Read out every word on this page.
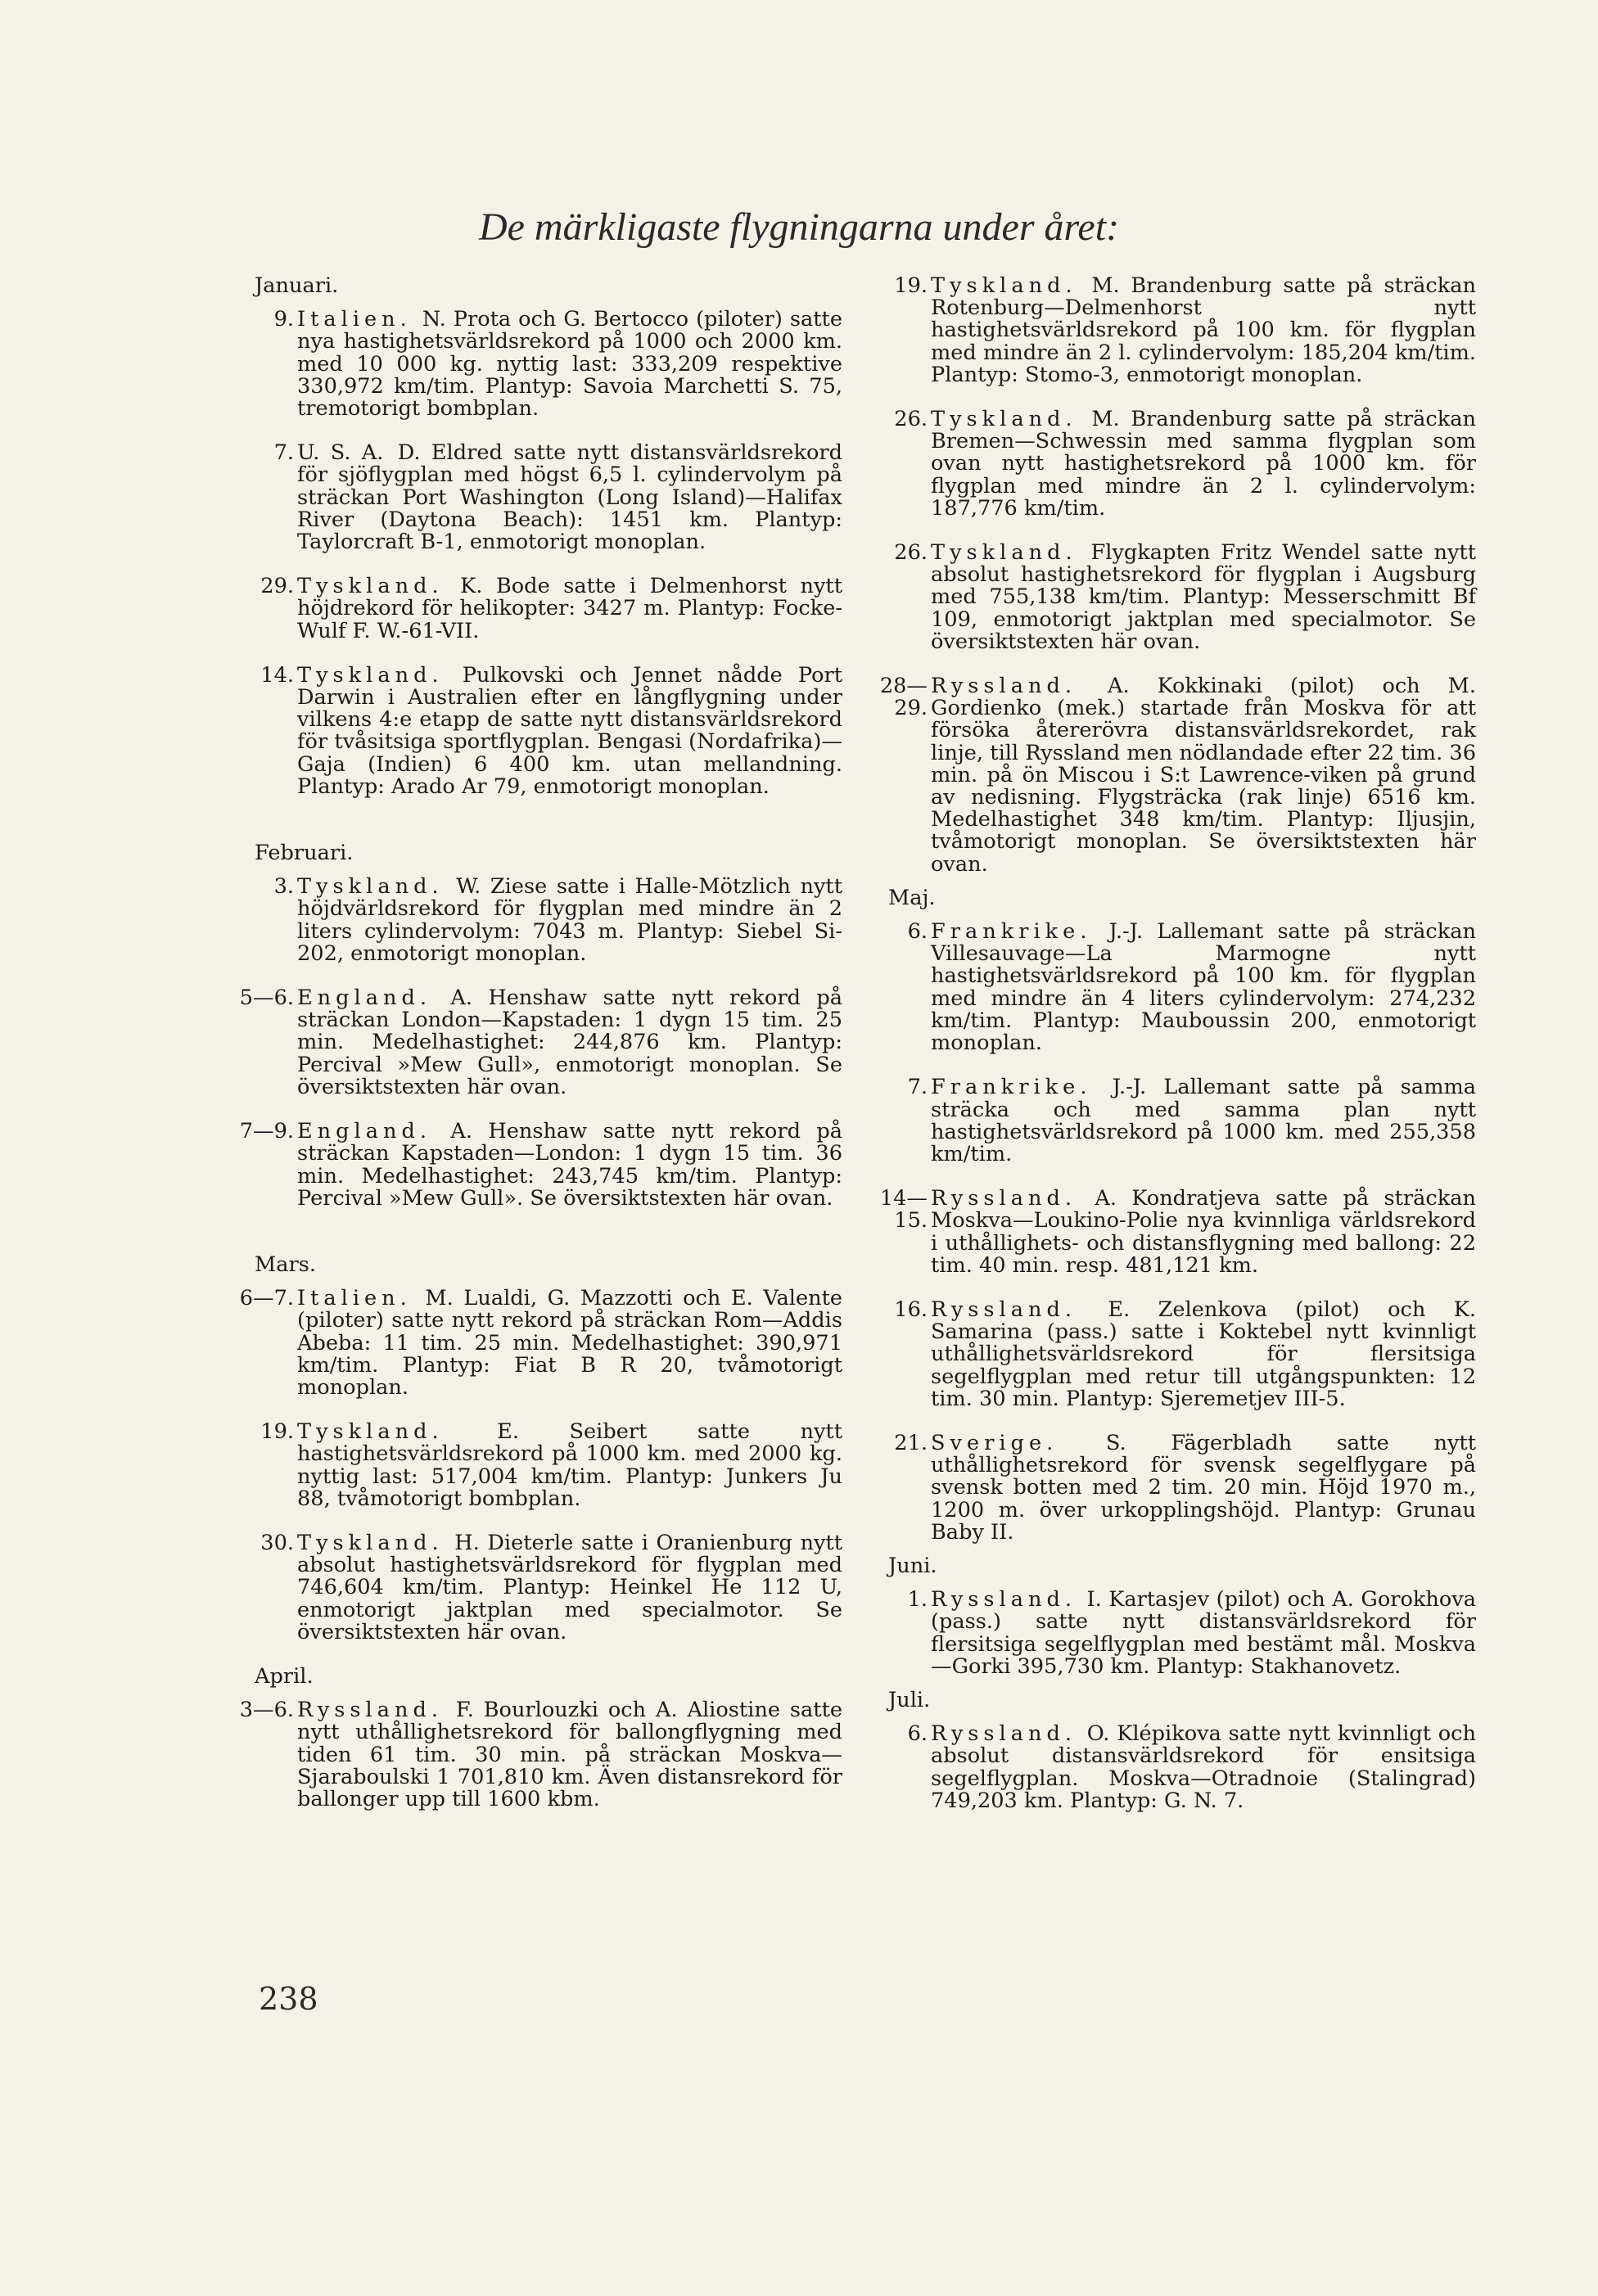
De märkligaste flygningarna under året:
Januari.
9. Italien. N. Prota och G. Bertocco (piloter) satte nya hastighetsvärldsrekord på 1000 och 2000 km. med 10 000 kg. nyttig last: 333,209 respektive 330,972 km/tim. Plantyp: Savoia Marchetti S. 75, tremotorigt bombplan.
7. U. S. A. D. Eldred satte nytt distansvärldsrekord för sjöflygplan med högst 6,5 l. cylindervolym på sträckan Port Washington (Long Island)—Halifax River (Daytona Beach): 1451 km. Plantyp: Taylorcraft B-1, enmotorigt monoplan.
29. Tyskland. K. Bode satte i Delmenhorst nytt höjdrekord för helikopter: 3427 m. Plantyp: Focke-Wulf F. W.-61-VII.
14. Tyskland. Pulkovski och Jennet nådde Port Darwin i Australien efter en långflygning under vilkens 4:e etapp de satte nytt distansvärldsrekord för tvåsitsiga sportflygplan. Bengasi (Nordafrika)—Gaja (Indien) 6 400 km. utan mellandning. Plantyp: Arado Ar 79, enmotorigt monoplan.
Februari.
3. Tyskland. W. Ziese satte i Halle-Mötzlich nytt höjdvärldsrekord för flygplan med mindre än 2 liters cylindervolym: 7043 m. Plantyp: Siebel Si-202, enmotorigt monoplan.
5—6. England. A. Henshaw satte nytt rekord på sträckan London—Kapstaden: 1 dygn 15 tim. 25 min. Medelhastighet: 244,876 km. Plantyp: Percival »Mew Gull», enmotorigt monoplan. Se översiktstexten här ovan.
7—9. England. A. Henshaw satte nytt rekord på sträckan Kapstaden—London: 1 dygn 15 tim. 36 min. Medelhastighet: 243,745 km/tim. Plantyp: Percival »Mew Gull». Se översiktstexten här ovan.
Mars.
6—7. Italien. M. Lualdi, G. Mazzotti och E. Valente (piloter) satte nytt rekord på sträckan Rom—Addis Abeba: 11 tim. 25 min. Medelhastighet: 390,971 km/tim. Plantyp: Fiat B R 20, tvåmotorigt monoplan.
19. Tyskland.	E. Seibert satte nytt hastighetsvärldsrekord på 1000 km. med 2000 kg. nyttig last: 517,004 km/tim. Plantyp: Junkers Ju 88, tvåmotorigt bombplan.
30. Tyskland. H. Dieterle satte i Oranienburg nytt absolut hastighetsvärldsrekord för flygplan med 746,604 km/tim. Plantyp: Heinkel He 112 U, enmotorigt jaktplan med specialmotor. Se översiktstexten här ovan.
April.
3—6. Ryssland. F. Bourlouzki och A. Aliostine satte nytt uthållighetsrekord för ballongflygning med tiden 61 tim. 30 min. på sträckan Moskva—Sjaraboulski 1 701,810 km. Även distansrekord för ballonger upp till 1600 kbm.
19. Tyskland. M. Brandenburg satte på sträckan Rotenburg—Delmenhorst nytt hastighetsvärldsrekord på 100 km. för flygplan med mindre än 2 l. cylindervolym: 185,204 km/tim. Plantyp: Stomo-3, enmotorigt monoplan.
26. Tyskland. M. Brandenburg satte på sträckan Bremen—Schwessin med samma flygplan som ovan nytt hastighetsrekord på 1000 km. för flygplan med mindre än 2 l. cylindervolym: 187,776 km/tim.
26. Tyskland. Flygkapten Fritz Wendel satte nytt absolut hastighetsrekord för flygplan i Augsburg med 755,138 km/tim. Plantyp: Messerschmitt Bf 109, enmotorigt jaktplan med specialmotor. Se översiktstexten här ovan.
28—29.
Ryssland. A. Kokkinaki (pilot) och M. Gordienko (mek.) startade från Moskva för att försöka återerövra distansvärldsrekordet, rak linje, till Ryssland men nödlandade efter 22 tim. 36 min. på ön Miscou i S:t Lawrence-viken på grund av nedisning. Flygsträcka (rak linje) 6516 km. Medelhastighet 348 km/tim. Plantyp: Iljusjin, tvåmotorigt monoplan. Se översiktstexten här ovan.
Maj.
6. Frankrike. J.-J. Lallemant satte på sträckan Villesauvage—La Marmogne nytt hastighetsvärldsrekord på 100 km. för flygplan med mindre än 4 liters cylindervolym: 274,232 km/tim. Plantyp: Mauboussin 200, enmotorigt monoplan.
7. Frankrike. J.-J. Lallemant satte på samma sträcka och med samma plan nytt hastighetsvärldsrekord på 1000 km. med 255,358 km/tim.
14—15.
Ryssland. A. Kondratjeva satte på sträckan Moskva—Loukino-Polie nya kvinnliga världsrekord i uthållighets- och distansflygning med ballong: 22 tim. 40 min. resp. 481,121 km.
16. Ryssland. E. Zelenkova (pilot) och K. Samarina (pass.) satte i Koktebel nytt kvinnligt uthållighetsvärldsrekord för flersitsiga segelflygplan med retur till utgångspunkten: 12 tim. 30 min. Plantyp: Sjeremetjev III-5.
21. Sverige. S. Fägerbladh satte nytt uthållighetsrekord för svensk segelflygare på svensk botten med 2 tim. 20 min. Höjd 1970 m., 1200 m. över urkopplingshöjd. Plantyp: Grunau Baby II.
Juni.
1. Ryssland. I. Kartasjev (pilot) och A. Gorokhova (pass.) satte nytt distansvärldsrekord för flersitsiga segelflygplan med bestämt mål. Moskva—Gorki 395,730 km. Plantyp: Stakhanovetz.
Juli.
6. Ryssland. O. Klépikova satte nytt kvinnligt och absolut distansvärldsrekord för ensitsiga segelflygplan. Moskva—Otradnoie (Stalingrad) 749,203 km. Plantyp: G. N. 7.
238
